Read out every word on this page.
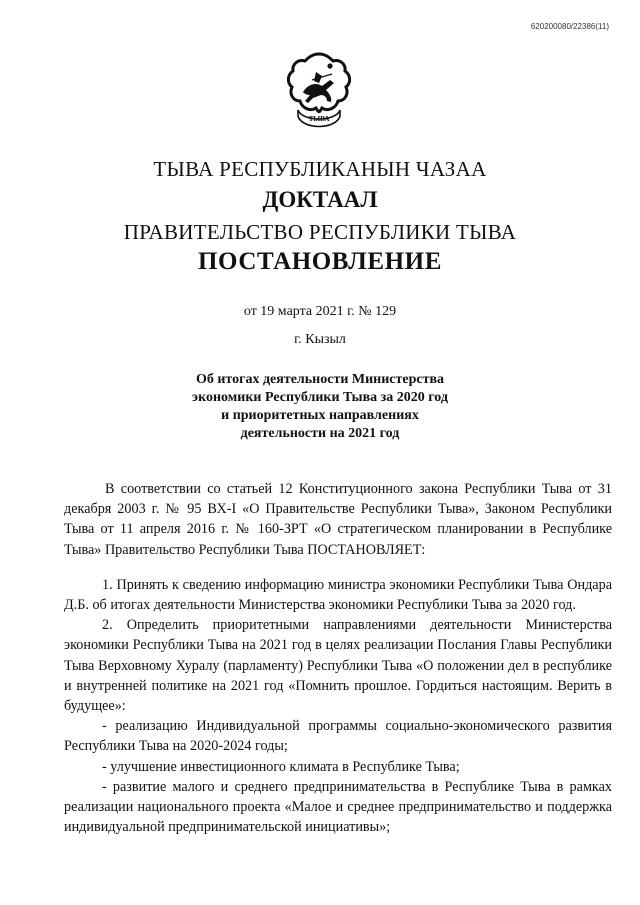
620200080/22386(11)
ТЫВА
ТЫВА РЕСПУБЛИКАНЫН ЧАЗАА
ДОКТААЛ
ПРАВИТЕЛЬСТВО РЕСПУБЛИКИ ТЫВА
ПОСТАНОВЛЕНИЕ
от 19 марта 2021 г. № 129
г. Кызыл
Об итогах деятельности Министерства
экономики Республики Тыва за 2020 год
и приоритетных направлениях
деятельности на 2021 год

В соответствии со статьей 12 Конституционного закона Республики Тыва от 31 декабря 2003 г. № 95 ВХ-I «О Правительстве Республики Тыва», Законом Республики Тыва от 11 апреля 2016 г. № 160-ЗРТ «О стратегическом планировании в Республике Тыва» Правительство Республики Тыва ПОСТАНОВЛЯЕТ:

1. Принять к сведению информацию министра экономики Республики Тыва Ондара Д.Б. об итогах деятельности Министерства экономики Республики Тыва за 2020 год.

2. Определить приоритетными направлениями деятельности Министерства экономики Республики Тыва на 2021 год в целях реализации Послания Главы Республики Тыва Верховному Хуралу (парламенту) Республики Тыва «О положении дел в республике и внутренней политике на 2021 год «Помнить прошлое. Гордиться настоящим. Верить в будущее»:

- реализацию Индивидуальной программы социально-экономического развития Республики Тыва на 2020-2024 годы;

- улучшение инвестиционного климата в Республике Тыва;

- развитие малого и среднего предпринимательства в Республике Тыва в рамках реализации национального проекта «Малое и среднее предпринимательство и поддержка индивидуальной предпринимательской инициативы»;
